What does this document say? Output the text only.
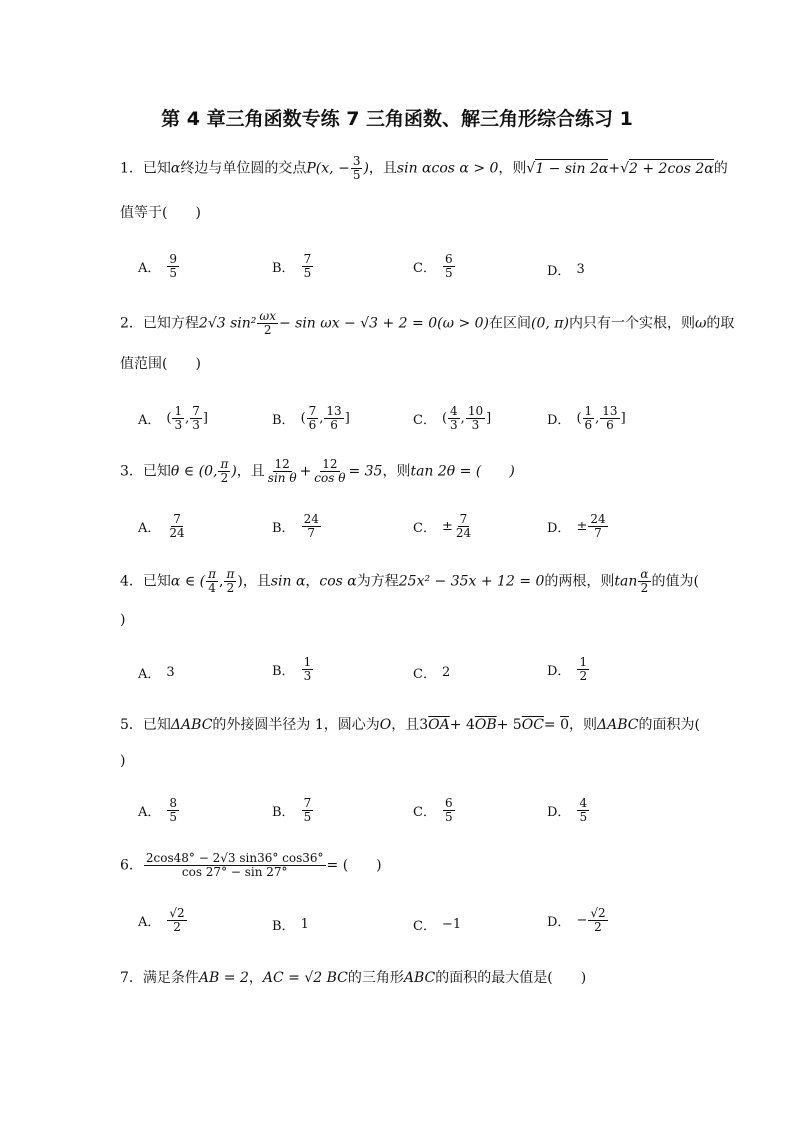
第 4 章三角函数专练 7 三角函数、解三角形综合练习 1
1．已知α终边与单位圆的交点P(x, − $\frac{3}{5}$ )，且sin αcos α > 0，则√1 − sin 2α+√2 + 2cos 2α的
值等于(　　)
A． $\frac{9}{5}$	B． $\frac{7}{5}$	C． $\frac{6}{5}$	D． 3
2．已知方程2√3 $\sin^2 \frac{\omega x}{2} - \sin \omega x - √3 + 2 = 0(\omega > 0)$在区间(0, π)内只有一个实根，则ω的取
值范围(　　)
A． ( $\frac{1}{3}$ , $\frac{7}{3}$ ]	B． ( $\frac{7}{6}$ , $\frac{13}{6}$ ]	C． ( $\frac{4}{3}$ , $\frac{10}{3}$ ]	D． ( $\frac{1}{6}$ , $\frac{13}{6}$ ]
3．已知θ ∈ (0, $\frac{\pi}{2}$ )，且 $\frac{12}{\text{sin θ}} + \frac{12}{\text{cos θ}} = 35$，则tan 2θ = (　　)
A． $\frac{7}{24}$	B． $\frac{24}{7}$	C． ± $\frac{7}{24}$	D． ± $\frac{24}{7}$
4．已知α ∈ ( $\frac{\pi}{4}$ , $\frac{\pi}{2}$ )，且sin α，cos α为方程25x² − 35x + 12 = 0的两根，则$\tan \frac{\alpha}{2}$ 的值为(
)
A． 3	B． $\frac{1}{3}$	C． 2	D． $\frac{1}{2}$
5．已知ΔABC的外接圆半径为 1，圆心为O，且$3\overline{OA}+ 4\overline{OB}+ 5\overline{OC}= 0$，则ΔABC的面积为(
)
A． $\frac{8}{5}$	B． $\frac{7}{5}$	C． $\frac{6}{5}$	D． $\frac{4}{5}$
6． $\frac{2\cos 48^\circ - 2√3 \sin 36^\circ \cos 36^\circ}{\cos 27^\circ - \sin 27^\circ}$ = (　　)
A． $\frac{√2}{2}$	B． 1	C． −1	D． − $\frac{√2}{2}$
7．满足条件AB = 2，AC = √2 BC的三角形ABC的面积的最大值是(　　)
